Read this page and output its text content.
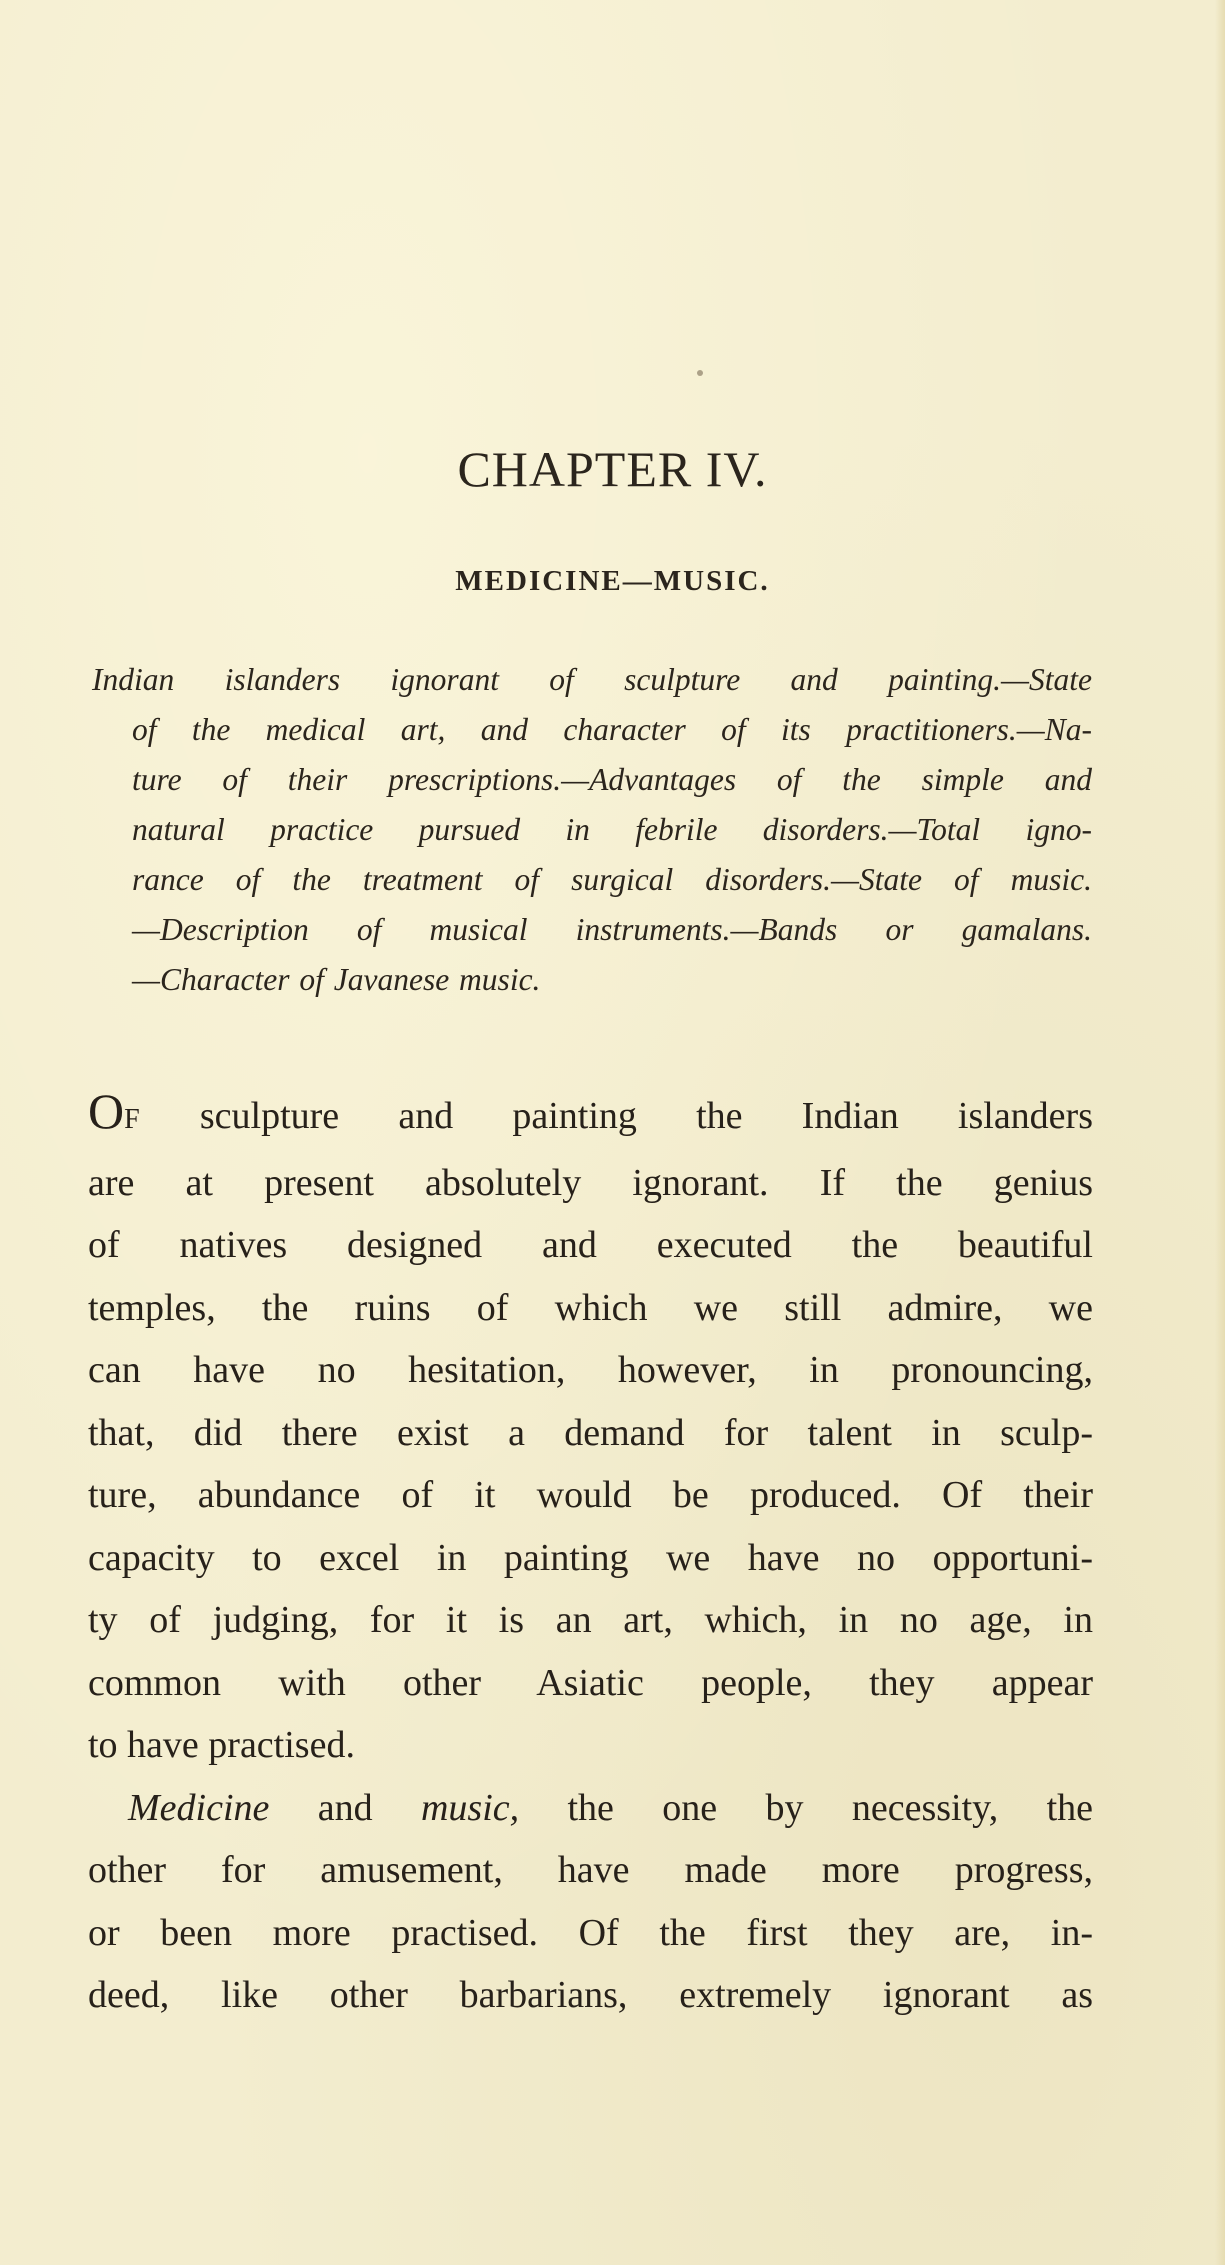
CHAPTER IV.
MEDICINE—MUSIC.
Indian islanders ignorant of sculpture and painting.—State
of the medical art, and character of its practitioners.—Na-
ture of their prescriptions.—Advantages of the simple and
natural practice pursued in febrile disorders.—Total igno-
rance of the treatment of surgical disorders.—State of music.
—Description of musical instruments.—Bands or gamalans.
—Character of Javanese music.
OF sculpture and painting the Indian islanders
are at present absolutely ignorant. If the genius
of natives designed and executed the beautiful
temples, the ruins of which we still admire, we
can have no hesitation, however, in pronouncing,
that, did there exist a demand for talent in sculp-
ture, abundance of it would be produced. Of their
capacity to excel in painting we have no opportuni-
ty of judging, for it is an art, which, in no age, in
common with other Asiatic people, they appear
to have practised.
Medicine and music, the one by necessity, the
other for amusement, have made more progress,
or been more practised. Of the first they are, in-
deed, like other barbarians, extremely ignorant as
